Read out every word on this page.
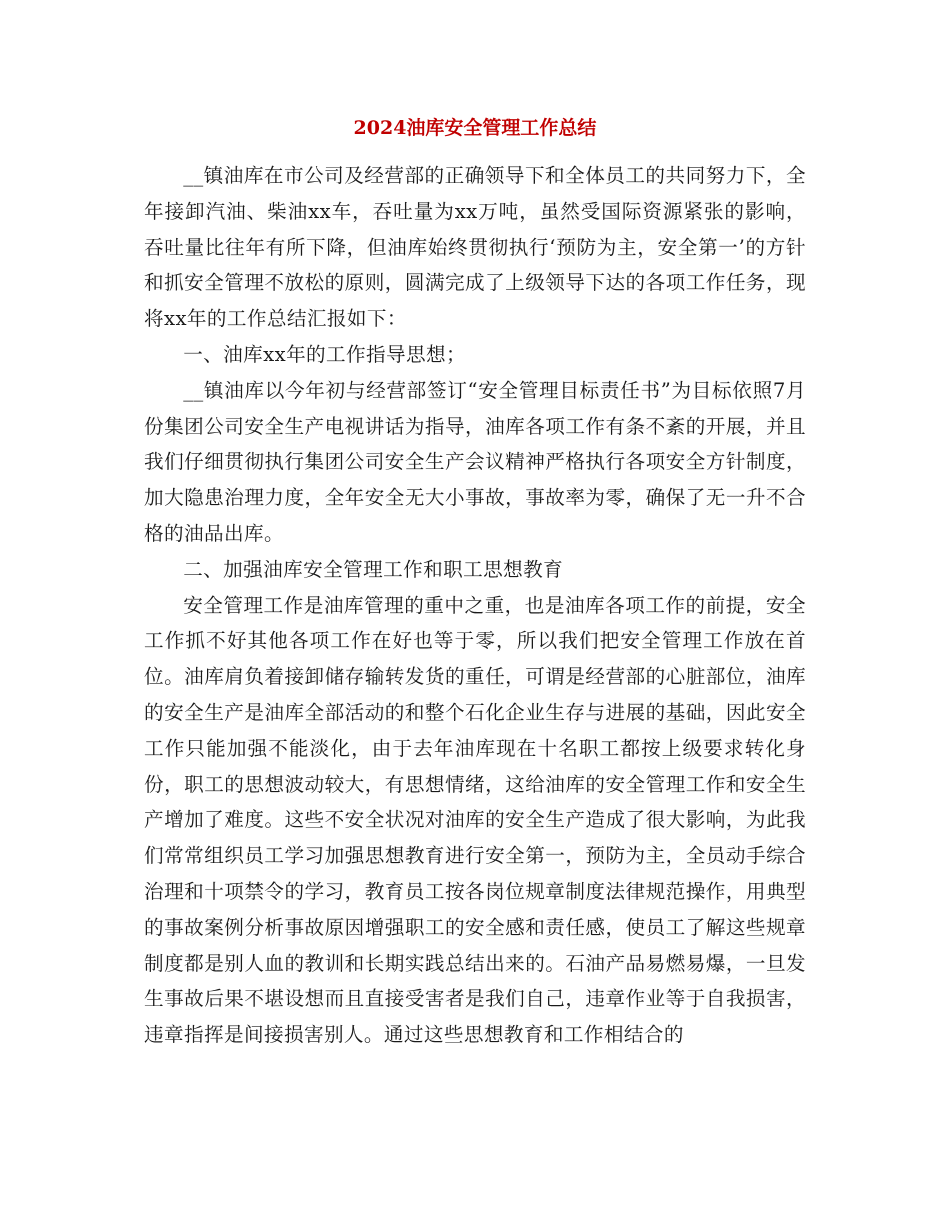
2024油库安全管理工作总结

__镇油库在市公司及经营部的正确领导下和全体员工的共同努力下，全年接卸汽油、柴油xx车，吞吐量为xx万吨，虽然受国际资源紧张的影响，吞吐量比往年有所下降，但油库始终贯彻执行‘预防为主，安全第一’的方针和抓安全管理不放松的原则，圆满完成了上级领导下达的各项工作任务，现将xx年的工作总结汇报如下：

一、油库xx年的工作指导思想；

__镇油库以今年初与经营部签订“安全管理目标责任书”为目标依照7月份集团公司安全生产电视讲话为指导，油库各项工作有条不紊的开展，并且我们仔细贯彻执行集团公司安全生产会议精神严格执行各项安全方针制度，加大隐患治理力度，全年安全无大小事故，事故率为零，确保了无一升不合格的油品出库。

二、加强油库安全管理工作和职工思想教育

安全管理工作是油库管理的重中之重，也是油库各项工作的前提，安全工作抓不好其他各项工作在好也等于零，所以我们把安全管理工作放在首位。油库肩负着接卸储存输转发货的重任，可谓是经营部的心脏部位，油库的安全生产是油库全部活动的和整个石化企业生存与进展的基础，因此安全工作只能加强不能淡化，由于去年油库现在十名职工都按上级要求转化身份，职工的思想波动较大，有思想情绪，这给油库的安全管理工作和安全生产增加了难度。这些不安全状况对油库的安全生产造成了很大影响，为此我们常常组织员工学习加强思想教育进行安全第一，预防为主，全员动手综合治理和十项禁令的学习，教育员工按各岗位规章制度法律规范操作，用典型的事故案例分析事故原因增强职工的安全感和责任感，使员工了解这些规章制度都是别人血的教训和长期实践总结出来的。石油产品易燃易爆，一旦发生事故后果不堪设想而且直接受害者是我们自己，违章作业等于自我损害，违章指挥是间接损害别人。通过这些思想教育和工作相结合的
